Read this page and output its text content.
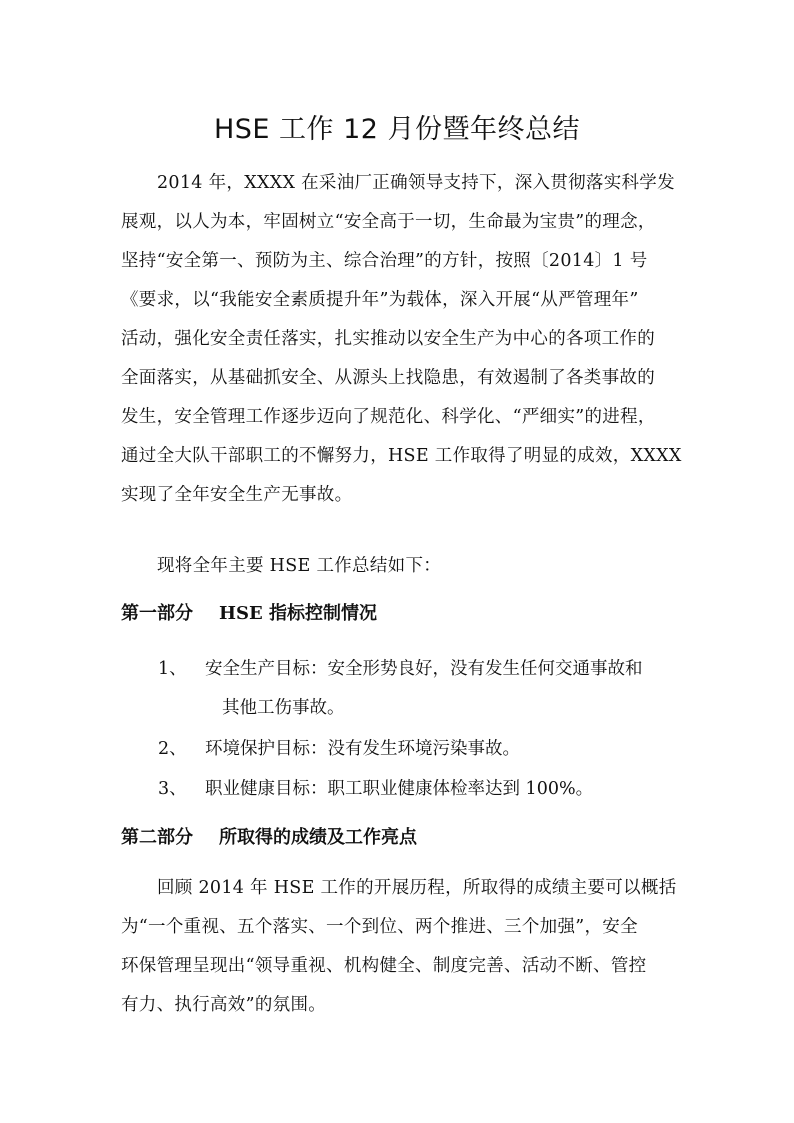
HSE 工作 12 月份暨年终总结
2014 年，XXXX 在采油厂正确领导支持下，深入贯彻落实科学发
展观，以人为本，牢固树立“安全高于一切，生命最为宝贵”的理念，
坚持“安全第一、预防为主、综合治理”的方针，按照〔2014〕1 号
《要求，以“我能安全素质提升年”为载体，深入开展“从严管理年”
活动，强化安全责任落实，扎实推动以安全生产为中心的各项工作的
全面落实，从基础抓安全、从源头上找隐患，有效遏制了各类事故的
发生，安全管理工作逐步迈向了规范化、科学化、“严细实”的进程，
通过全大队干部职工的不懈努力，HSE 工作取得了明显的成效，XXXX
实现了全年安全生产无事故。
现将全年主要 HSE 工作总结如下：
第一部分 HSE 指标控制情况
1、 安全生产目标：安全形势良好，没有发生任何交通事故和
其他工伤事故。
2、 环境保护目标：没有发生环境污染事故。
3、 职业健康目标：职工职业健康体检率达到 100%。
第二部分 所取得的成绩及工作亮点
回顾 2014 年 HSE 工作的开展历程，所取得的成绩主要可以概括
为“一个重视、五个落实、一个到位、两个推进、三个加强”，安全
环保管理呈现出“领导重视、机构健全、制度完善、活动不断、管控
有力、执行高效”的氛围。
